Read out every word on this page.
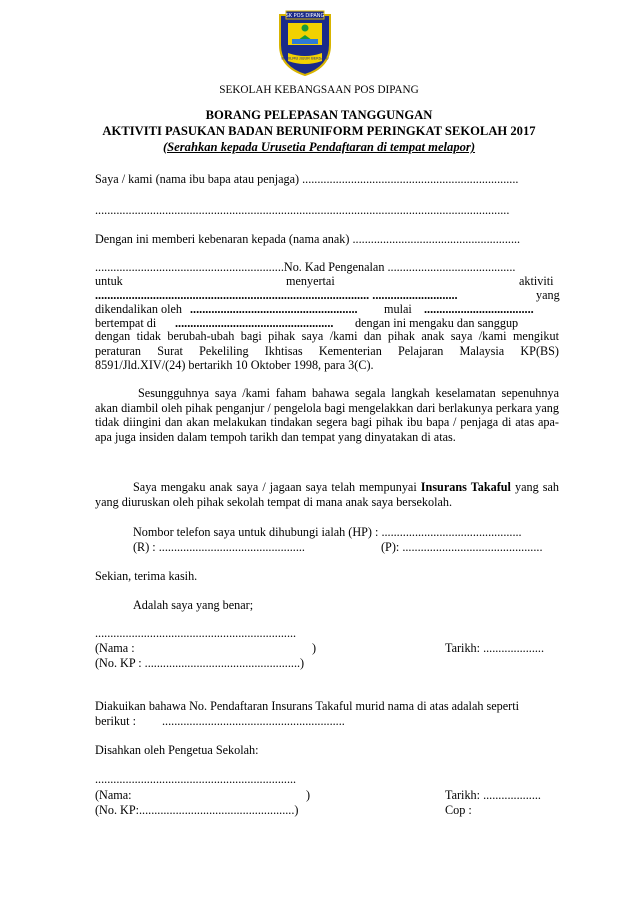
SK POS DIPANG
BERILMU JUJUR BERSATU
SEKOLAH KEBANGSAAN POS DIPANG
BORANG PELEPASAN TANGGUNGAN
AKTIVITI PASUKAN BADAN BERUNIFORM PERINGKAT SEKOLAH 2017
(Serahkan kepada Urusetia Pendaftaran di tempat melapor)
Saya / kami (nama ibu bapa atau penjaga) .......................................................................
........................................................................................................................................
Dengan ini memberi kebenaran kepada (nama anak) .......................................................
..............................................................No. Kad Pengenalan ..........................................
untuk	menyertai	aktiviti
.......................................................................................... ............................	yang
dikendalikan oleh ....................................................... mulai ....................................
bertempat di .................................................... dengan ini mengaku dan sanggup
dengan tidak berubah-ubah bagi pihak saya /kami dan pihak anak saya /kami mengikut peraturan Surat Pekeliling Ikhtisas Kementerian Pelajaran Malaysia KP(BS) 8591/Jld.XIV/(24) bertarikh 10 Oktober 1998, para 3(C).
Sesungguhnya saya /kami faham bahawa segala langkah keselamatan sepenuhnya akan diambil oleh pihak penganjur / pengelola bagi mengelakkan dari berlakunya perkara yang tidak diingini dan akan melakukan tindakan segera bagi pihak ibu bapa / penjaga di atas apa-apa juga insiden dalam tempoh tarikh dan tempat yang dinyatakan di atas.
Saya mengaku anak saya / jagaan saya telah mempunyai Insurans Takaful yang sah yang diuruskan oleh pihak sekolah tempat di mana anak saya bersekolah.
Nombor telefon saya untuk dihubungi ialah (HP) : ..............................................
(R) : ................................................	(P): ..............................................
Sekian, terima kasih.
Adalah saya yang benar;
..................................................................
(Nama :	)	Tarikh: ....................
(No. KP : ...................................................)
Diakuikan bahawa No. Pendaftaran Insurans Takaful murid nama di atas adalah seperti
berikut : ............................................................
Disahkan oleh Pengetua Sekolah:
..................................................................
(Nama:	)	Tarikh: ...................
(No. KP:...................................................)	Cop :
